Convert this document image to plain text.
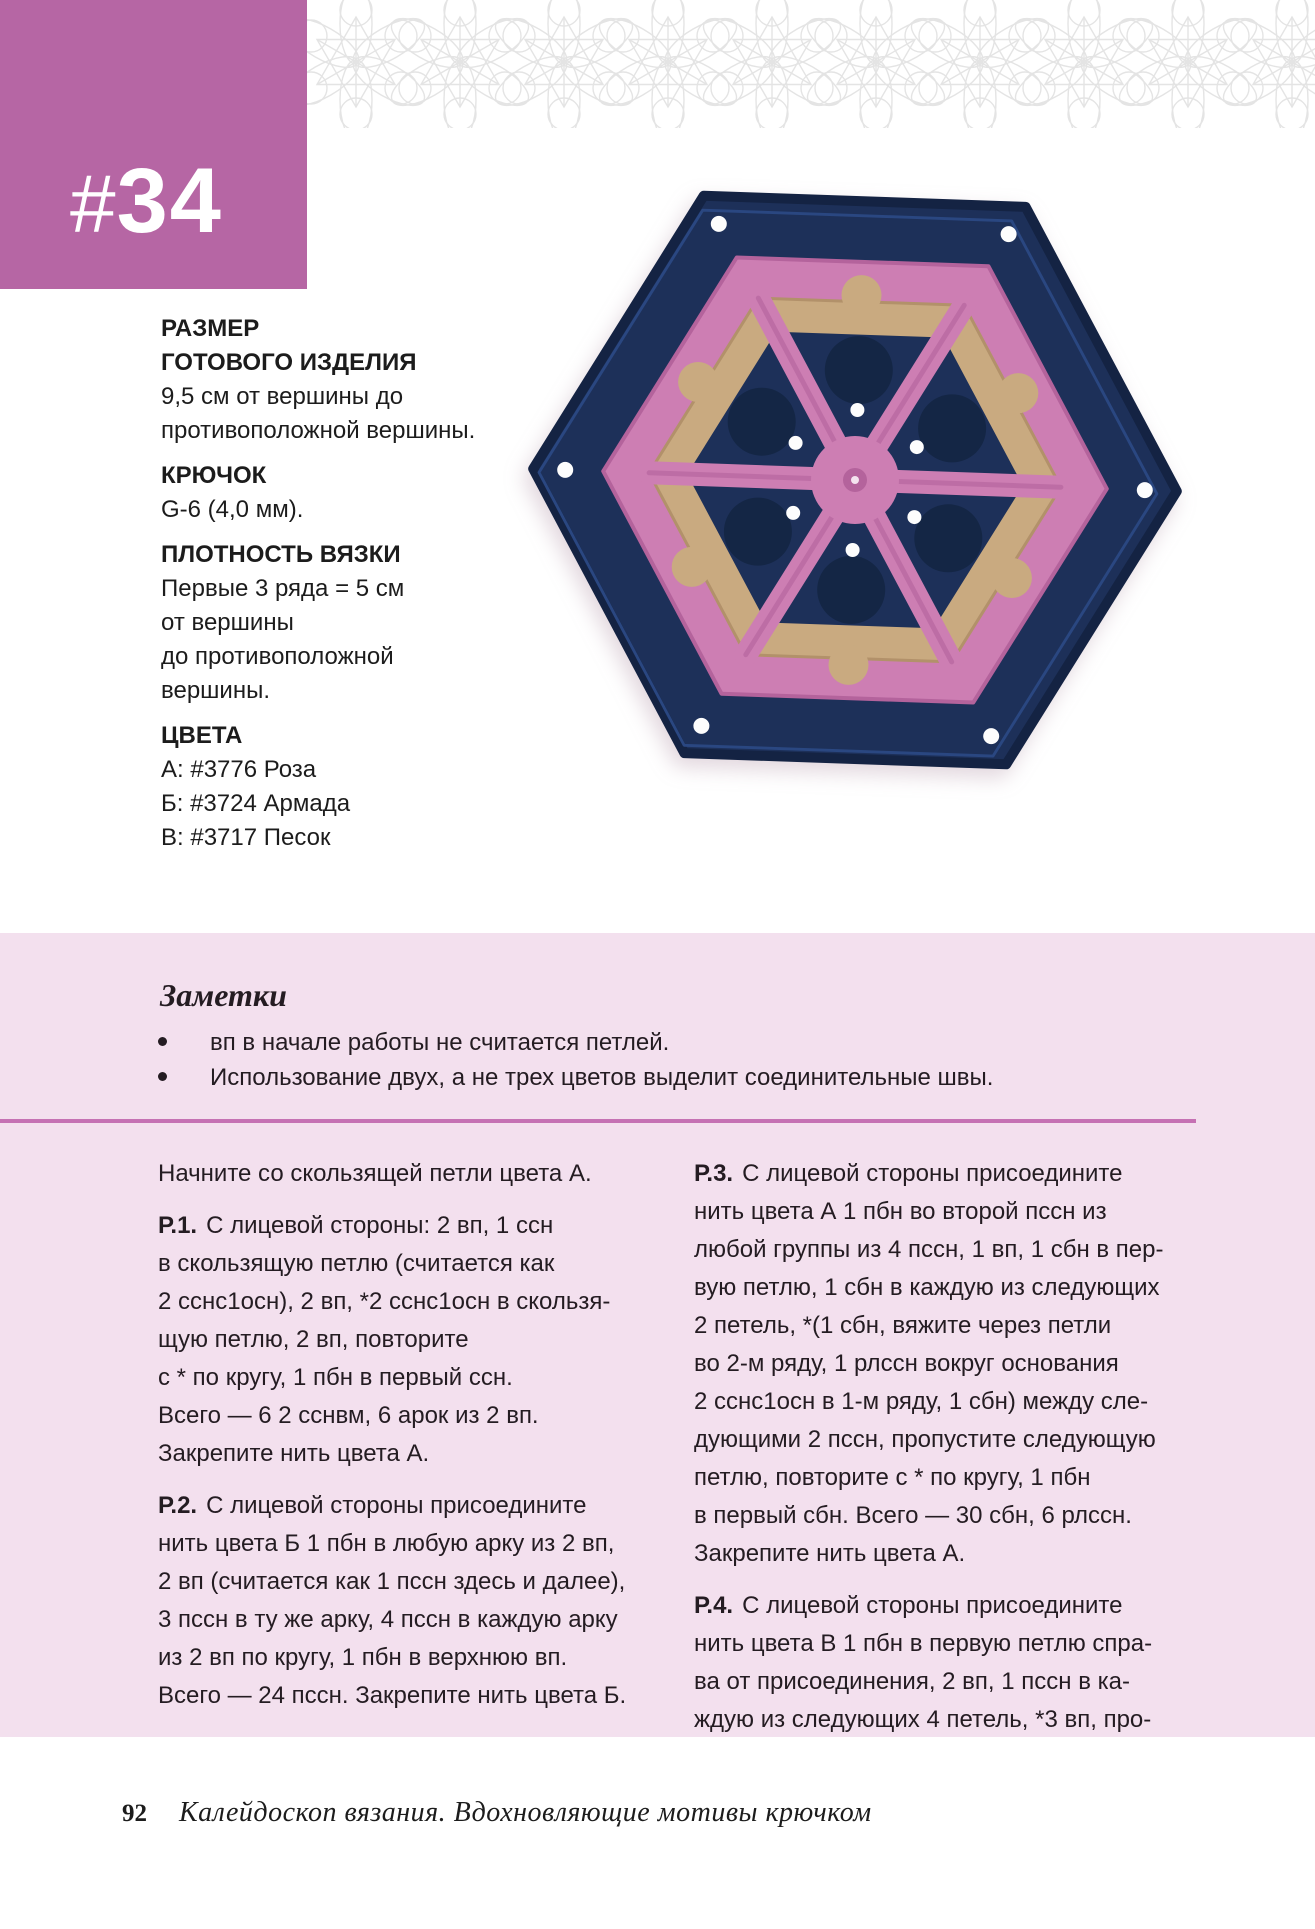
#34
РАЗМЕР
ГОТОВОГО ИЗДЕЛИЯ
9,5 см от вершины до
противоположной вершины.
КРЮЧОК
G-6 (4,0 мм).
ПЛОТНОСТЬ ВЯЗКИ
Первые 3 ряда = 5 см
от вершины
до противоположной
вершины.
ЦВЕТА
А: #3776 Роза
Б: #3724 Армада
В: #3717 Песок
Заметки
вп в начале работы не считается петлей.
Использование двух, а не трех цветов выделит соединительные швы.
Начните со скользящей петли цвета А.
Р.1. С лицевой стороны: 2 вп, 1 ссн
в скользящую петлю (считается как
2 сснс1осн), 2 вп, *2 сснс1осн в скользя-
щую петлю, 2 вп, повторите
с * по кругу, 1 пбн в первый ссн.
Всего — 6 2 сснвм, 6 арок из 2 вп.
Закрепите нить цвета А.
Р.2. С лицевой стороны присоедините
нить цвета Б 1 пбн в любую арку из 2 вп,
2 вп (считается как 1 пссн здесь и далее),
3 пссн в ту же арку, 4 пссн в каждую арку
из 2 вп по кругу, 1 пбн в верхнюю вп.
Всего — 24 пссн. Закрепите нить цвета Б.
Р.3. С лицевой стороны присоедините
нить цвета А 1 пбн во второй пссн из
любой группы из 4 пссн, 1 вп, 1 сбн в пер-
вую петлю, 1 сбн в каждую из следующих
2 петель, *(1 сбн, вяжите через петли
во 2-м ряду, 1 рлссн вокруг основания
2 сснс1осн в 1-м ряду, 1 сбн) между сле-
дующими 2 пссн, пропустите следующую
петлю, повторите с * по кругу, 1 пбн
в первый сбн. Всего — 30 сбн, 6 рлссн.
Закрепите нить цвета А.
Р.4. С лицевой стороны присоедините
нить цвета В 1 пбн в первую петлю спра-
ва от присоединения, 2 вп, 1 пссн в ка-
ждую из следующих 4 петель, *3 вп, про-
92 Калейдоскоп вязания. Вдохновляющие мотивы крючком
